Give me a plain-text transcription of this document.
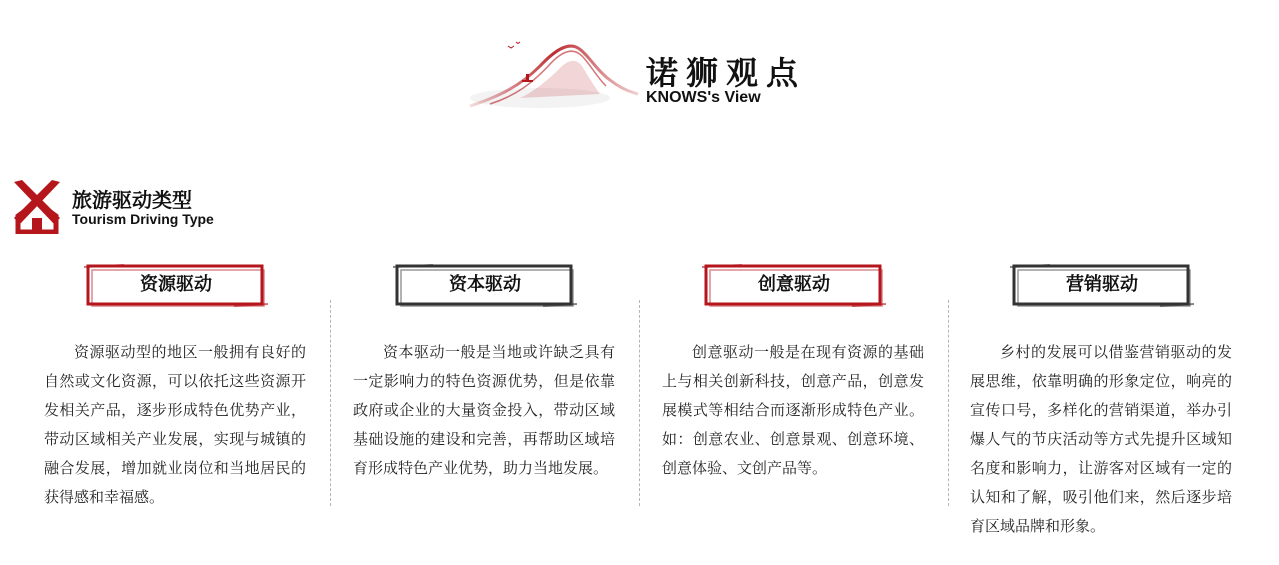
诺狮观点
KNOWS's View
旅游驱动类型
Tourism Driving Type
资源驱动
资源驱动型的地区一般拥有良好的自然或文化资源，可以依托这些资源开发相关产品，逐步形成特色优势产业，带动区域相关产业发展，实现与城镇的融合发展，增加就业岗位和当地居民的获得感和幸福感。
资本驱动
资本驱动一般是当地或许缺乏具有一定影响力的特色资源优势，但是依靠政府或企业的大量资金投入，带动区域基础设施的建设和完善，再帮助区域培育形成特色产业优势，助力当地发展。
创意驱动
创意驱动一般是在现有资源的基础上与相关创新科技，创意产品，创意发展模式等相结合而逐渐形成特色产业。如：创意农业、创意景观、创意环境、创意体验、文创产品等。
营销驱动
乡村的发展可以借鉴营销驱动的发展思维，依靠明确的形象定位，响亮的宣传口号，多样化的营销渠道，举办引爆人气的节庆活动等方式先提升区域知名度和影响力，让游客对区域有一定的认知和了解，吸引他们来，然后逐步培育区域品牌和形象。
